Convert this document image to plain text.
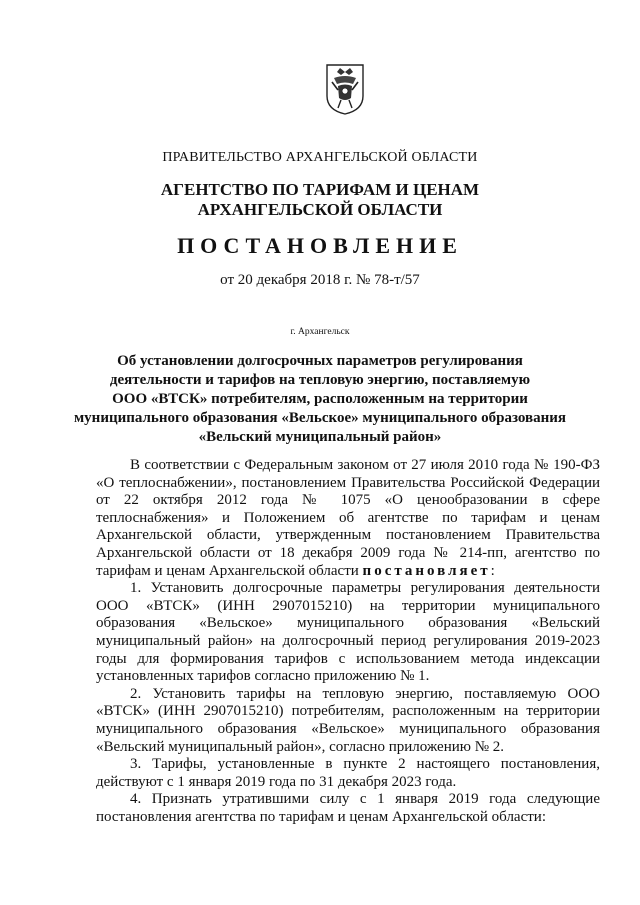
ПРАВИТЕЛЬСТВО АРХАНГЕЛЬСКОЙ ОБЛАСТИ
АГЕНТСТВО ПО ТАРИФАМ И ЦЕНАМ
АРХАНГЕЛЬСКОЙ ОБЛАСТИ
ПОСТАНОВЛЕНИЕ
от 20 декабря 2018 г. № 78-т/57
г. Архангельск
Об установлении долгосрочных параметров регулирования
деятельности и тарифов на тепловую энергию, поставляемую
ООО «ВТСК» потребителям, расположенным на территории
муниципального образования «Вельское» муниципального образования
«Вельский муниципальный район»

В соответствии с Федеральным законом от 27 июля 2010 года № 190-ФЗ «О теплоснабжении», постановлением Правительства Российской Федерации от 22 октября 2012 года № 1075 «О ценообразовании в сфере теплоснабжения» и Положением об агентстве по тарифам и ценам Архангельской области, утвержденным постановлением Правительства Архангельской области от 18 декабря 2009 года № 214-пп, агентство по тарифам и ценам Архангельской области постановляет:

1. Установить долгосрочные параметры регулирования деятельности ООО «ВТСК» (ИНН 2907015210) на территории муниципального образования «Вельское» муниципального образования «Вельский муниципальный район» на долгосрочный период регулирования 2019-2023 годы для формирования тарифов с использованием метода индексации установленных тарифов согласно приложению № 1.

2. Установить тарифы на тепловую энергию, поставляемую ООО «ВТСК» (ИНН 2907015210) потребителям, расположенным на территории муниципального образования «Вельское» муниципального образования «Вельский муниципальный район», согласно приложению № 2.

3. Тарифы, установленные в пункте 2 настоящего постановления, действуют с 1 января 2019 года по 31 декабря 2023 года.

4. Признать утратившими силу с 1 января 2019 года следующие постановления агентства по тарифам и ценам Архангельской области:
